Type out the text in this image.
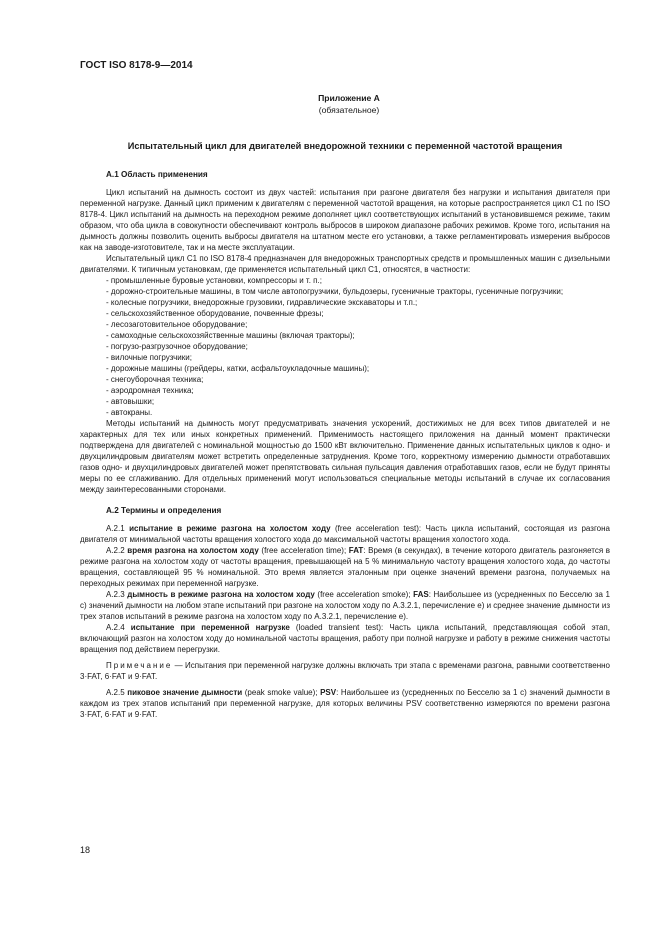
ГОСТ ISO 8178-9—2014
Приложение А
(обязательное)
Испытательный цикл для двигателей внедорожной техники с переменной частотой вращения
А.1 Область применения

Цикл испытаний на дымность состоит из двух частей: испытания при разгоне двигателя без нагрузки и испытания двигателя при переменной нагрузке. Данный цикл применим к двигателям с переменной частотой вращения, на которые распространяется цикл С1 по ISO 8178-4. Цикл испытаний на дымность на переходном режиме дополняет цикл соответствующих испытаний в установившемся режиме, таким образом, что оба цикла в совокупности обеспечивают контроль выбросов в широком диапазоне рабочих режимов. Кроме того, испытания на дымность должны позволить оценить выбросы двигателя на штатном месте его установки, а также регламентировать измерения выбросов как на заводе-изготовителе, так и на месте эксплуатации.

Испытательный цикл С1 по ISO 8178-4 предназначен для внедорожных транспортных средств и промышленных машин с дизельными двигателями. К типичным установкам, где применяется испытательный цикл С1, относятся, в частности:

- промышленные буровые установки, компрессоры и т. п.;
- дорожно-строительные машины, в том числе автопогрузчики, бульдозеры, гусеничные тракторы, гусеничные погрузчики;
- колесные погрузчики, внедорожные грузовики, гидравлические экскаваторы и т.п.;
- сельскохозяйственное оборудование, почвенные фрезы;
- лесозаготовительное оборудование;
- самоходные сельскохозяйственные машины (включая тракторы);
- погрузо-разгрузочное оборудование;
- вилочные погрузчики;
- дорожные машины (грейдеры, катки, асфальтоукладочные машины);
- снегоуборочная техника;
- аэродромная техника;
- автовышки;
- автокраны.

Методы испытаний на дымность могут предусматривать значения ускорений, достижимых не для всех типов двигателей и не характерных для тех или иных конкретных применений. Применимость настоящего приложения на данный момент практически подтверждена для двигателей с номинальной мощностью до 1500 кВт включительно. Применение данных испытательных циклов к одно- и двухцилиндровым двигателям может встретить определенные затруднения. Кроме того, корректному измерению дымности отработавших газов одно- и двухцилиндровых двигателей может препятствовать сильная пульсация давления отработавших газов, если не будут приняты меры по ее сглаживанию. Для отдельных применений могут использоваться специальные методы испытаний в случае их согласования между заинтересованными сторонами.

А.2 Термины и определения

А.2.1 испытание в режиме разгона на холостом ходу (free acceleration test): Часть цикла испытаний, состоящая из разгона двигателя от минимальной частоты вращения холостого хода до максимальной частоты вращения холостого хода.

А.2.2 время разгона на холостом ходу (free acceleration time); FAT: Время (в секундах), в течение которого двигатель разгоняется в режиме разгона на холостом ходу от частоты вращения, превышающей на 5 % минимальную частоту вращения холостого хода, до частоты вращения, составляющей 95 % номинальной. Это время является эталонным при оценке значений времени разгона, получаемых на переходных режимах при переменной нагрузке.

А.2.3 дымность в режиме разгона на холостом ходу (free acceleration smoke); FAS: Наибольшее из (усредненных по Бесселю за 1 с) значений дымности на любом этапе испытаний при разгоне на холостом ходу по А.3.2.1, перечисление е) и среднее значение дымности из трех этапов испытаний в режиме разгона на холостом ходу по А.3.2.1, перечисление е).

А.2.4 испытание при переменной нагрузке (loaded transient test): Часть цикла испытаний, представляющая собой этап, включающий разгон на холостом ходу до номинальной частоты вращения, работу при полной нагрузке и работу в режиме снижения частоты вращения под действием перегрузки.

Примечание — Испытания при переменной нагрузке должны включать три этапа с временами разгона, равными соответственно 3·FAT, 6·FAT и 9·FAT.

А.2.5 пиковое значение дымности (peak smoke value); PSV: Наибольшее из (усредненных по Бесселю за 1 с) значений дымности в каждом из трех этапов испытаний при переменной нагрузке, для которых величины PSV соответственно измеряются по времени разгона 3·FAT, 6·FAT и 9·FAT.

18
